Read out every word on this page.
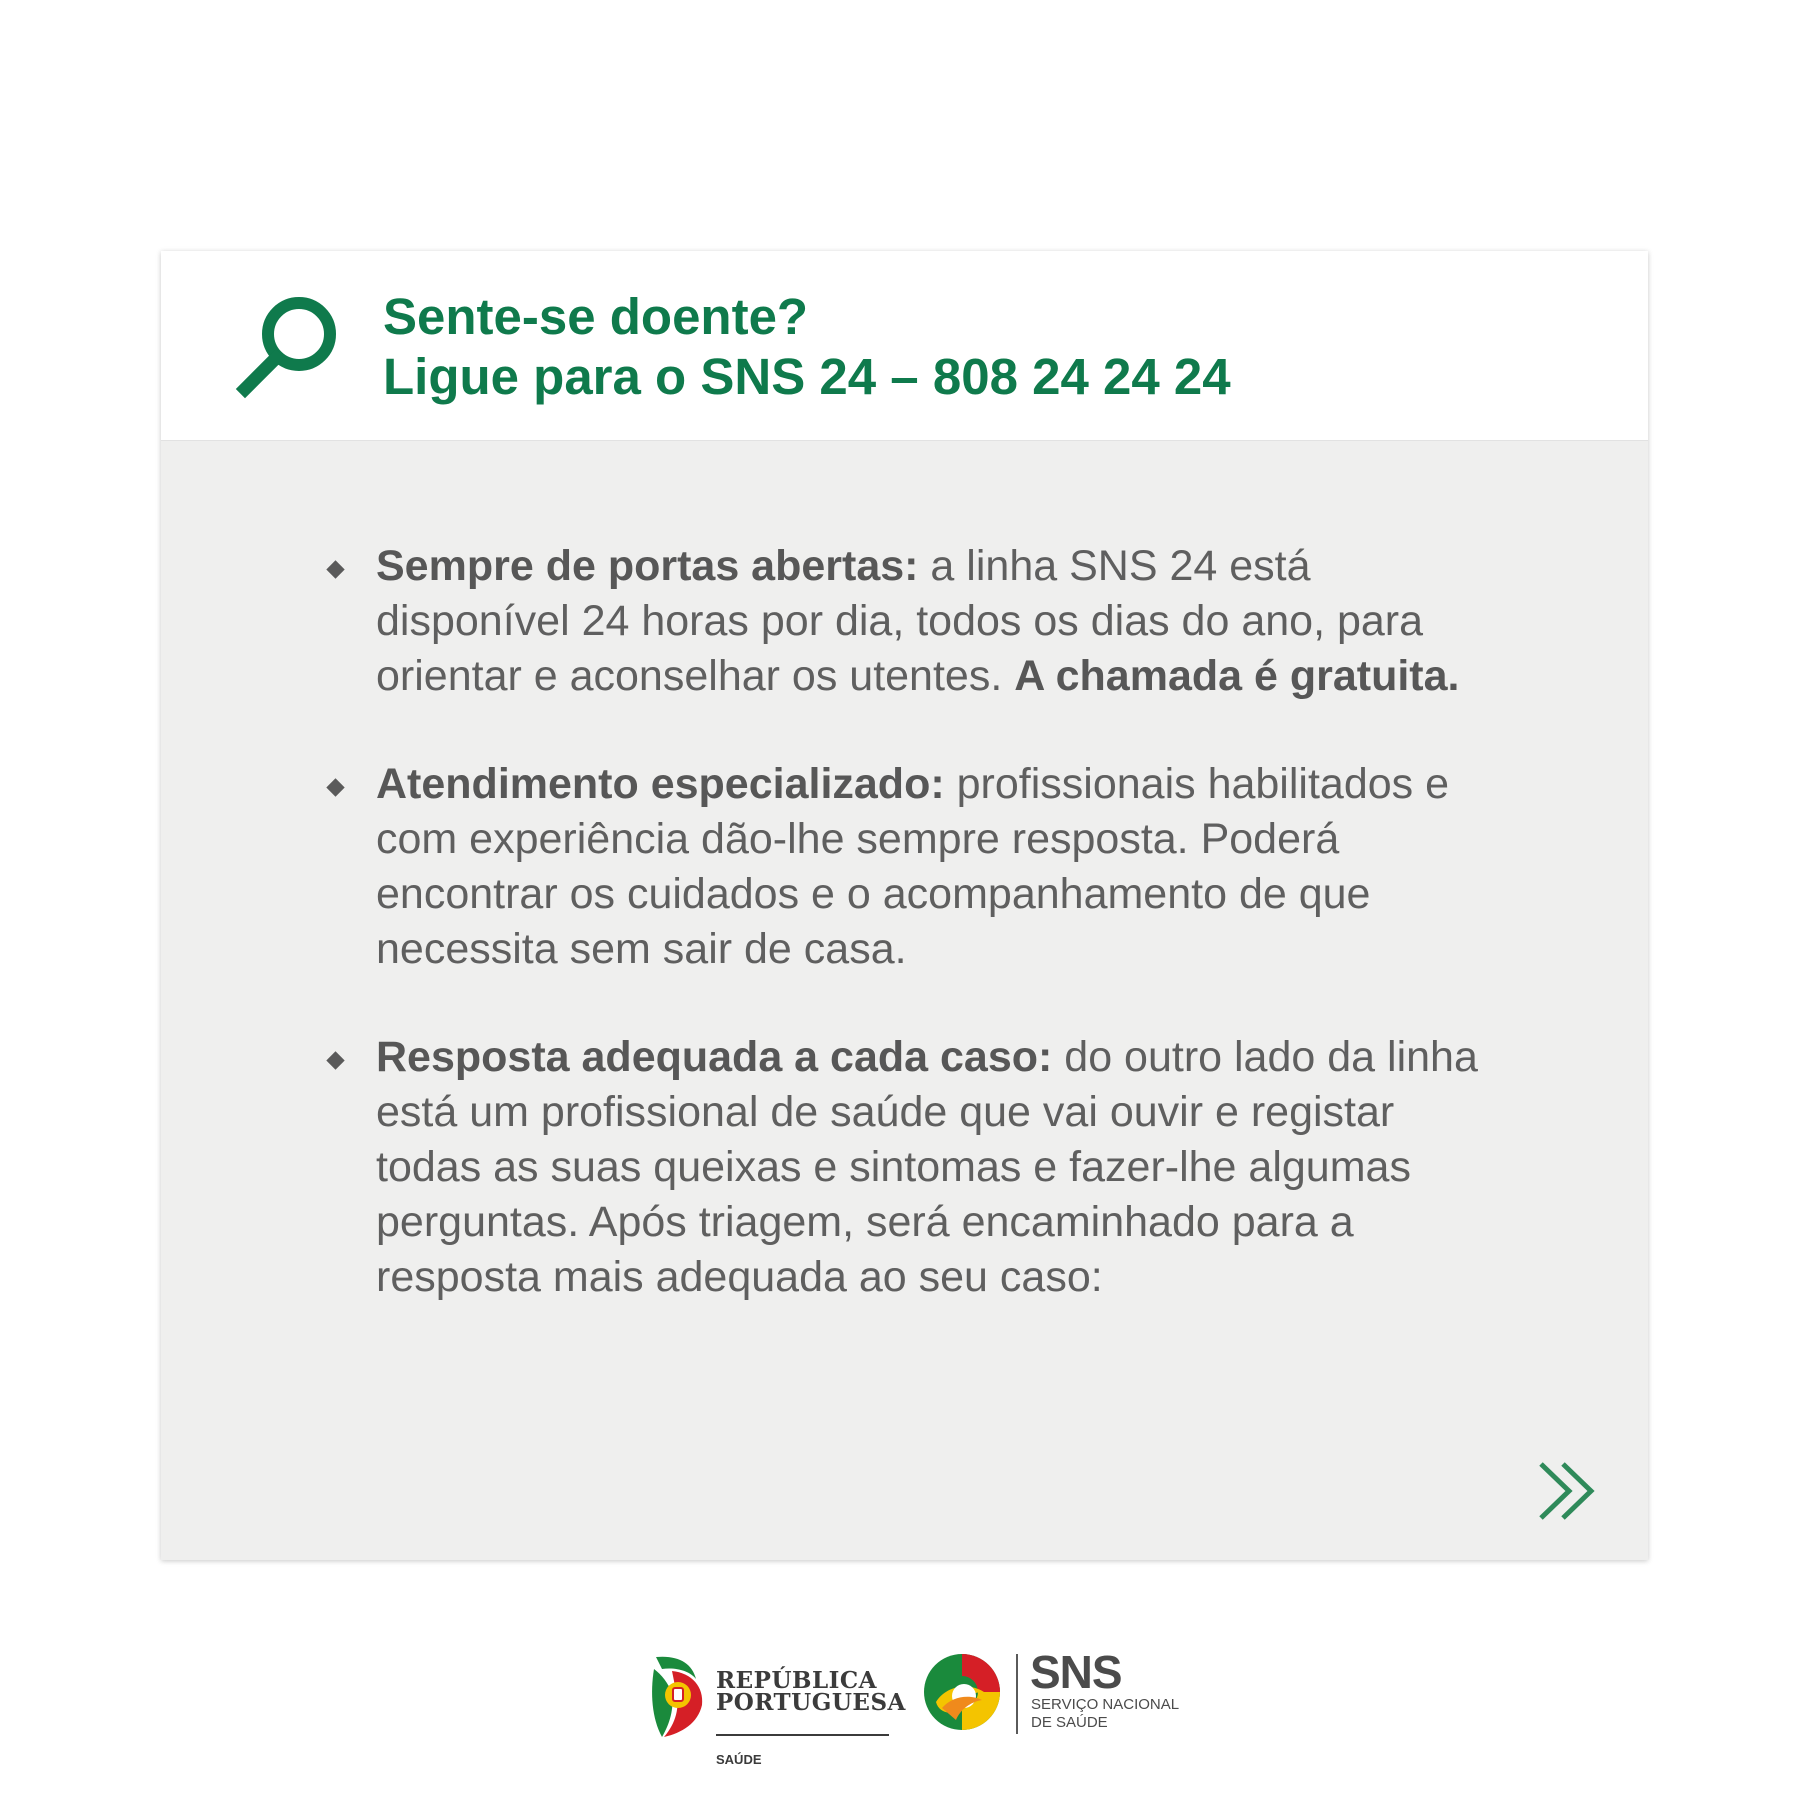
Sente-se doente?
Ligue para o SNS 24 – 808 24 24 24
Sempre de portas abertas: a linha SNS 24 está disponível 24 horas por dia, todos os dias do ano, para orientar e aconselhar os utentes. A chamada é gratuita.
Atendimento especializado: profissionais habilitados e com experiência dão-lhe sempre resposta. Poderá encontrar os cuidados e o acompanhamento de que necessita sem sair de casa.
Resposta adequada a cada caso: do outro lado da linha está um profissional de saúde que vai ouvir e registar todas as suas queixas e sintomas e fazer-lhe algumas perguntas. Após triagem, será encaminhado para a resposta mais adequada ao seu caso:
REPÚBLICA
PORTUGUESA
SAÚDE
SNS
SERVIÇO NACIONAL
DE SAÚDE
